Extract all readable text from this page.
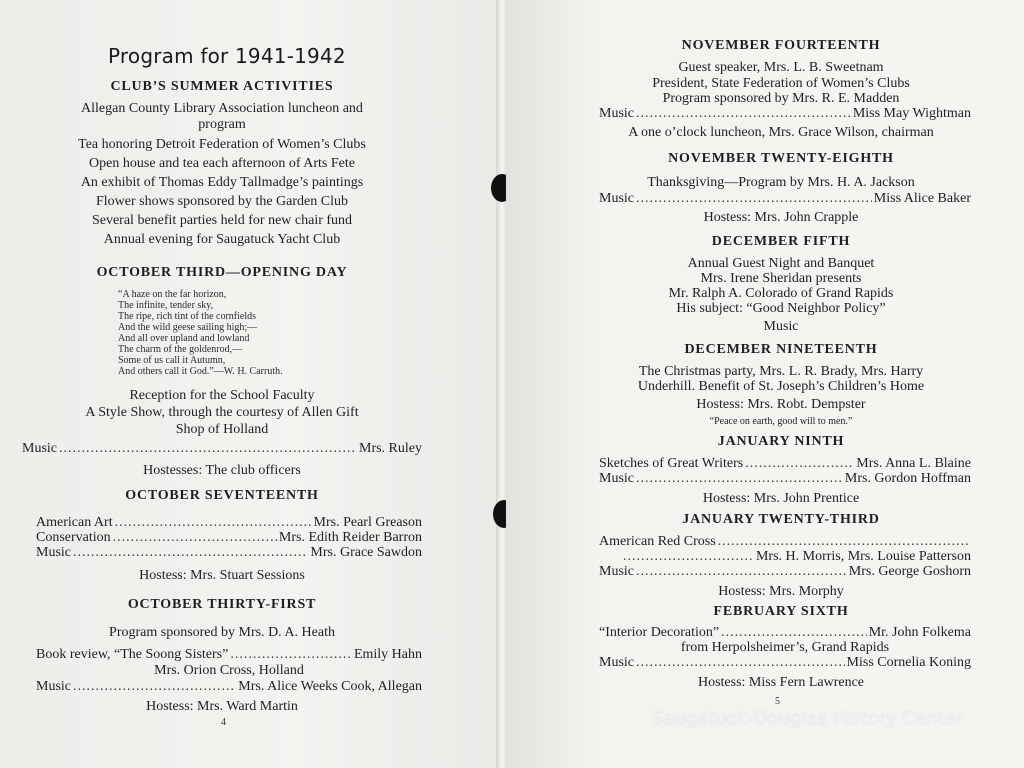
Program for 1941-1942
CLUB’S SUMMER ACTIVITIES

Allegan County Library Association luncheon and

program

Tea honoring Detroit Federation of Women’s Clubs

Open house and tea each afternoon of Arts Fete

An exhibit of Thomas Eddy Tallmadge’s paintings

Flower shows sponsored by the Garden Club

Several benefit parties held for new chair fund

Annual evening for Saugatuck Yacht Club

OCTOBER THIRD—OPENING DAY

“A haze on the far horizon,

The infinite, tender sky,

The ripe, rich tint of the cornfields

And the wild geese sailing high;—

And all over upland and lowland

The charm of the goldenrod,—

Some of us call it Autumn,

And others call it God.”—W. H. Carruth.

Reception for the School Faculty

A Style Show, through the courtesy of Allen Gift

Shop of Holland

Music .....	Mrs. Ruley

Hostesses: The club officers

OCTOBER SEVENTEENTH
American Art .....	Mrs. Pearl Greason
Conservation .....	Mrs. Edith Reider Barron
Music .....	Mrs. Grace Sawdon

Hostess: Mrs. Stuart Sessions

OCTOBER THIRTY-FIRST

Program sponsored by Mrs. D. A. Heath

Book review, “The Soong Sisters” .....	Emily Hahn

Mrs. Orion Cross, Holland

Music .....	Mrs. Alice Weeks Cook, Allegan

Hostess: Mrs. Ward Martin

4
NOVEMBER FOURTEENTH

Guest speaker, Mrs. L. B. Sweetnam

President, State Federation of Women’s Clubs

Program sponsored by Mrs. R. E. Madden

Music .....	Miss May Wightman

A one o’clock luncheon, Mrs. Grace Wilson, chairman

NOVEMBER TWENTY-EIGHTH

Thanksgiving—Program by Mrs. H. A. Jackson

Music .....	Miss Alice Baker

Hostess: Mrs. John Crapple

DECEMBER FIFTH

Annual Guest Night and Banquet

Mrs. Irene Sheridan presents

Mr. Ralph A. Colorado of Grand Rapids

His subject: “Good Neighbor Policy”

Music

DECEMBER NINETEENTH

The Christmas party, Mrs. L. R. Brady, Mrs. Harry

Underhill. Benefit of St. Joseph’s Children’s Home

Hostess: Mrs. Robt. Dempster

“Peace on earth, good will to men.”

JANUARY NINTH
Sketches of Great Writers .....	Mrs. Anna L. Blaine
Music .....	Mrs. Gordon Hoffman

Hostess: Mrs. John Prentice

JANUARY TWENTY-THIRD
American Red Cross
.....
.....
Mrs. H. Morris, Mrs. Louise Patterson
Music .....	Mrs. George Goshorn

Hostess: Mrs. Morphy

FEBRUARY SIXTH
“Interior Decoration” .....	Mr. John Folkema

from Herpolsheimer’s, Grand Rapids

Music .....	Miss Cornelia Koning

Hostess: Miss Fern Lawrence

5
Saugatuck-Douglas History Center
